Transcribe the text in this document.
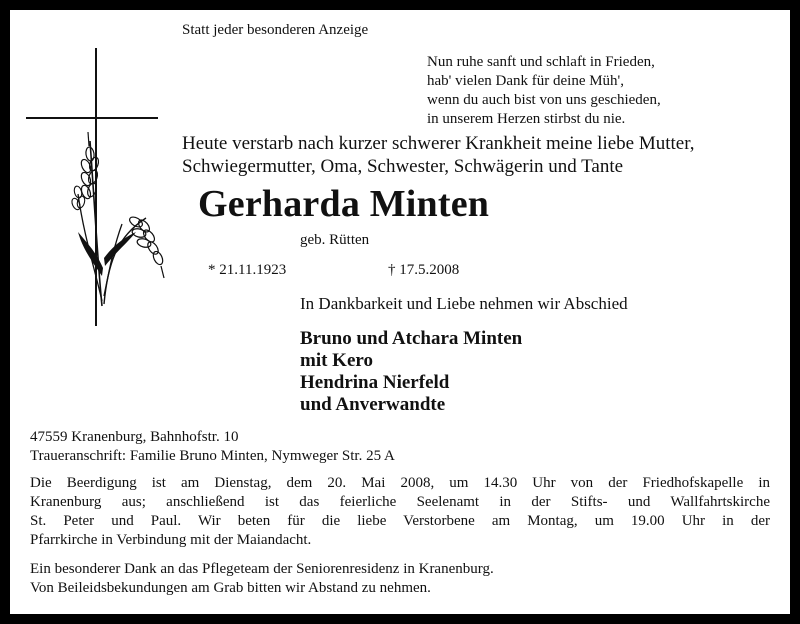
Statt jeder besonderen Anzeige
Nun ruhe sanft und schlaft in Frieden,
hab' vielen Dank für deine Müh',
wenn du auch bist von uns geschieden,
in unserem Herzen stirbst du nie.
Heute verstarb nach kurzer schwerer Krankheit meine liebe Mutter,
Schwiegermutter, Oma, Schwester, Schwägerin und Tante
Gerharda Minten
geb. Rütten
* 21.11.1923	† 17.5.2008
In Dankbarkeit und Liebe nehmen wir Abschied
Bruno und Atchara Minten
mit Kero
Hendrina Nierfeld
und Anverwandte
47559 Kranenburg, Bahnhofstr. 10
Traueranschrift: Familie Bruno Minten, Nymweger Str. 25 A
Die Beerdigung ist am Dienstag, dem 20. Mai 2008, um 14.30 Uhr von der Friedhofskapelle in
Kranenburg aus; anschließend ist das feierliche Seelenamt in der Stifts- und Wallfahrtskirche
St. Peter und Paul. Wir beten für die liebe Verstorbene am Montag, um 19.00 Uhr in der
Pfarrkirche in Verbindung mit der Maiandacht.
Ein besonderer Dank an das Pflegeteam der Seniorenresidenz in Kranenburg.
Von Beileidsbekundungen am Grab bitten wir Abstand zu nehmen.
